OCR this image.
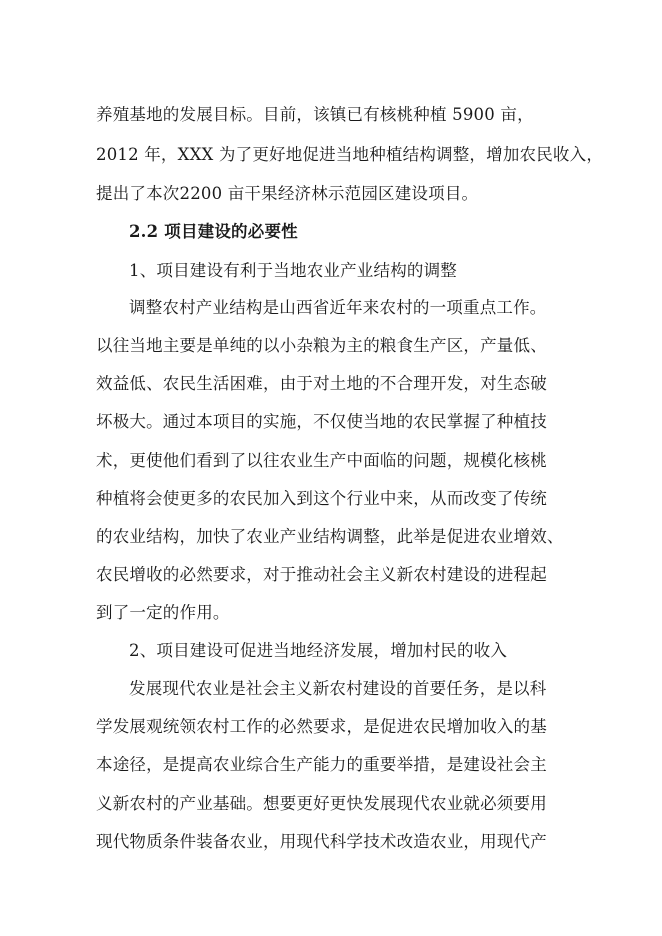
养殖基地的发展目标。目前，该镇已有核桃种植 5900 亩，
2012 年，XXX 为了更好地促进当地种植结构调整，增加农民收入，
提出了本次2200 亩干果经济林示范园区建设项目。
2.2 项目建设的必要性
1、项目建设有利于当地农业产业结构的调整
调整农村产业结构是山西省近年来农村的一项重点工作。
以往当地主要是单纯的以小杂粮为主的粮食生产区，产量低、
效益低、农民生活困难，由于对土地的不合理开发，对生态破
坏极大。通过本项目的实施，不仅使当地的农民掌握了种植技
术，更使他们看到了以往农业生产中面临的问题，规模化核桃
种植将会使更多的农民加入到这个行业中来，从而改变了传统
的农业结构，加快了农业产业结构调整，此举是促进农业增效、
农民增收的必然要求，对于推动社会主义新农村建设的进程起
到了一定的作用。
2、项目建设可促进当地经济发展，增加村民的收入
发展现代农业是社会主义新农村建设的首要任务，是以科
学发展观统领农村工作的必然要求，是促进农民增加收入的基
本途径，是提高农业综合生产能力的重要举措，是建设社会主
义新农村的产业基础。想要更好更快发展现代农业就必须要用
现代物质条件装备农业，用现代科学技术改造农业，用现代产
